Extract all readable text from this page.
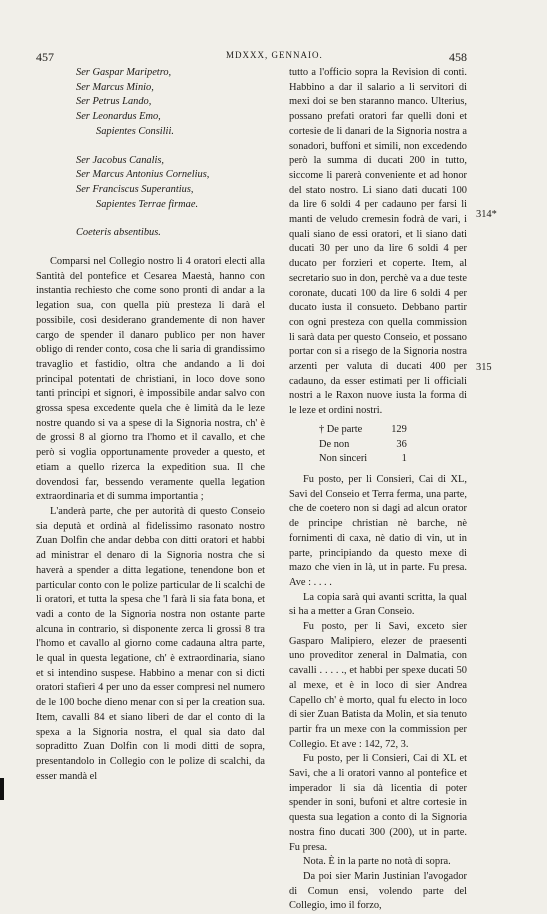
457	MDXXX, GENNAIO.	458

Ser Gaspar Maripetro,

Ser Marcus Minio,

Ser Petrus Lando,

Ser Leonardus Emo,

Sapientes Consilii.

Ser Jacobus Canalis,

Ser Marcus Antonius Cornelius,

Ser Franciscus Superantius,

Sapientes Terrae firmae.

Coeteris absentibus.

Comparsi nel Collegio nostro li 4 oratori electi alla Santità del pontefice et Cesarea Maestà, hanno con instantia rechiesto che come sono pronti di andar a la legation sua, con quella più presteza li darà el possibile, così desiderano grandemente di non haver cargo de spender il danaro publico per non haver obligo di render conto, cosa che li saria di grandissimo travaglio et fastidio, oltra che andando a li doi principal potentati de christiani, in loco dove sono tanti principi et signori, è impossibile andar salvo con grossa spesa excedente quela che è limità da le leze nostre quando si va a spese di la Signoria nostra, ch' è de grossi 8 al giorno tra l'homo et il cavallo, et che però si voglia opportunamente proveder a questo, et etiam a quello rizerca la expedition sua. Il che dovendosi far, bessendo veramente quella legation extraordinaria et di summa importantia ;

L'anderà parte, che per autorità di questo Conseio sia deputà et ordinà al fidelissimo rasonato nostro Zuan Dolfin che andar debba con ditti oratori et habbi ad ministrar el denaro di la Signoria nostra che si haverà a spender a ditta legatione, tenendone bon et particular conto con le polize particular de li scalchi de li oratori, et tutta la spesa che 'l farà li sia fata bona, et vadi a conto de la Signoria nostra non ostante parte alcuna in contrario, sì disponente zerca li grossi 8 tra l'homo et cavallo al giorno come cadauna altra parte, le qual in questa legatione, ch' è extraordinaria, siano et si intendino suspese. Habbino a menar con si dicti oratori stafieri 4 per uno da esser compresi nel numero de le 100 boche dieno menar con si per la creation sua. Item, cavalli 84 et siano liberi de dar el conto di la spexa a la Signoria nostra, el qual sia dato dal sopraditto Zuan Dolfin con li modi ditti de sopra, presentandolo in Collegio con le polize di scalchi, da esser mandà el

tutto a l'officio sopra la Revision di conti. Habbino a dar il salario a li servitori di mexi doi se ben staranno manco. Ulterius, possano prefati oratori far quelli doni et cortesie de li danari de la Signoria nostra a sonadori, buffoni et simili, non excedendo però la summa di ducati 200 in tutto, siccome li parerà conveniente et ad honor del stato nostro. Li siano dati ducati 100 da lire 6 soldi 4 per cadauno per farsi li manti de veludo cremesin fodrà de vari, i quali siano de essi oratori, et li siano dati ducati 30 per uno da lire 6 soldi 4 per ducato per forzieri et coperte. Item, al secretario suo in don, perchè va a due teste coronate, ducati 100 da lire 6 soldi 4 per ducato iusta il consueto. Debbano partir con ogni presteza con quella commission li sarà data per questo Conseio, et possano portar con si a risego de la Signoria nostra arzenti per valuta di ducati 400 per cadauno, da esser estimati per li officiali nostri a le Raxon nuove iusta la forma di le leze et ordini nostri.

† De parte	129
De non	36
Non sinceri	1

Fu posto, per li Consieri, Cai di XL, Savi del Conseio et Terra ferma, una parte, che de coetero non si dagi ad alcun orator de principe christian nè barche, nè fornimenti di caxa, nè datio di vin, ut in parte, principiando da questo mexe di mazo che vien in là, ut in parte. Fu presa. Ave : . . . .

La copia sarà qui avanti scritta, la qual si ha a metter a Gran Conseio.

Fu posto, per li Savi, exceto sier Gasparo Malipiero, elezer de praesenti uno proveditor zeneral in Dalmatia, con cavalli . . . . ., et habbi per spexe ducati 50 al mexe, et è in loco di sier Andrea Capello ch' è morto, qual fu electo in loco di sier Zuan Batista da Molin, et sia tenuto partir fra un mexe con la commission per Collegio. Et ave : 142, 72, 3.

Fu posto, per li Consieri, Cai di XL et Savi, che a li oratori vanno al pontefice et imperador li sia dà licentia di poter spender in soni, bufoni et altre cortesie in questa sua legation a conto di la Signoria nostra fino ducati 300 (200), ut in parte. Fu presa.

Nota. È in la parte no notà di sopra.

Da poi sier Marin Justinian l'avogador di Comun ensi, volendo parte del Collegio, imo il forzo,

314*
315
